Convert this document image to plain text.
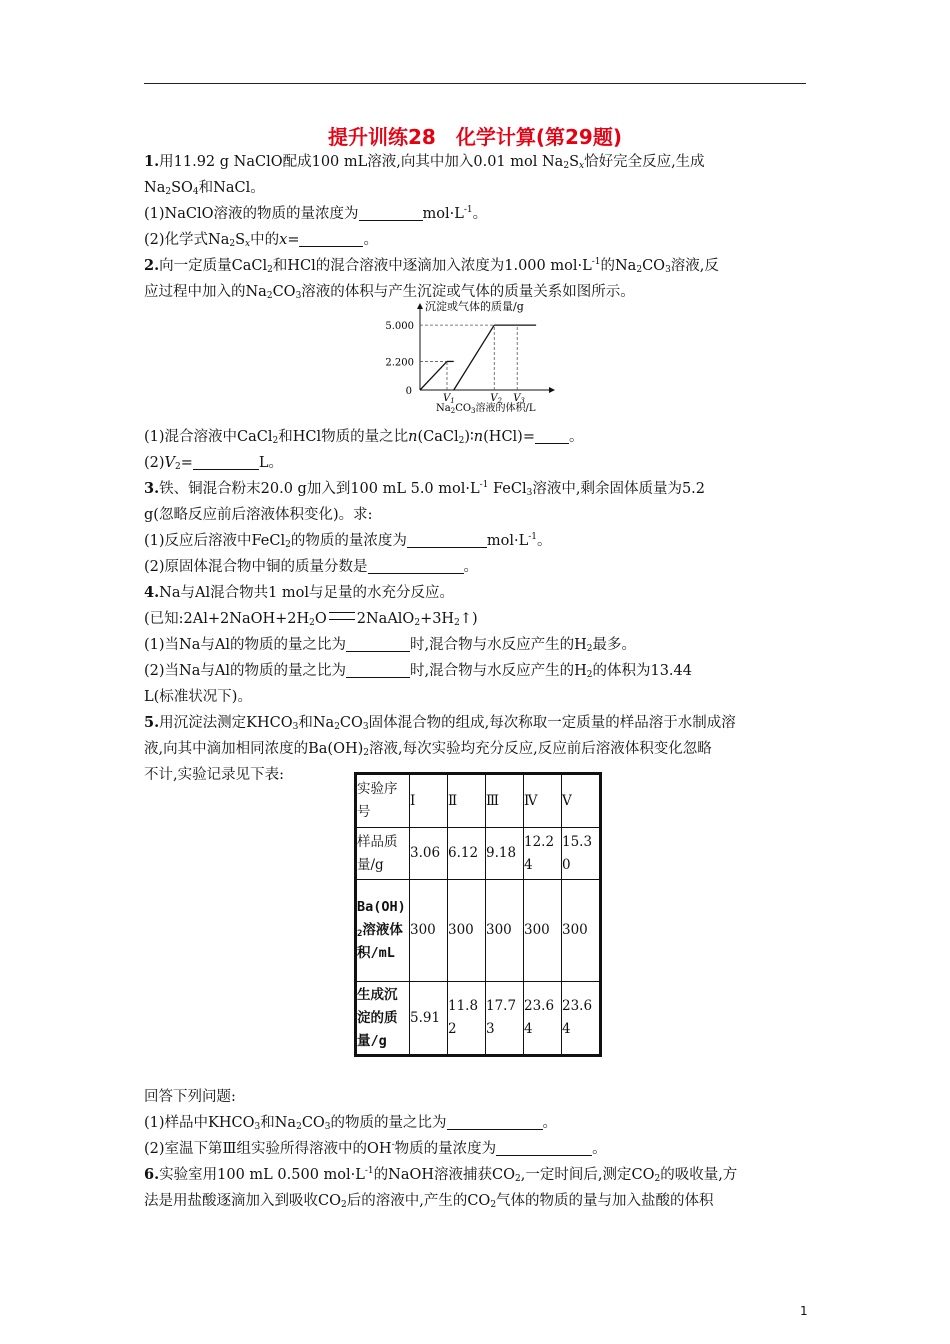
提升训练28　化学计算(第29题)
1.用11.92 g NaClO配成100 mL溶液,向其中加入0.01 mol $Na_2S_x$恰好完全反应,生成
$Na_2SO_4$和NaCl。
(1)NaClO溶液的物质的量浓度为	$mol\cdot L^{-1}$。
(2)化学式$Na_2S_x$中的x=	。
2.向一定质量CaCl$_2$和HCl的混合溶液中逐滴加入浓度为1.000 $mol\cdot L^{-1}$的$Na_2CO_3$溶液,反
应过程中加入的$Na_2CO_3$溶液的体积与产生沉淀或气体的质量关系如图所示。
沉淀或气体的质量/g
0
5.000
2.200
$V_1$	$V_2$ $V_3$
$Na_2CO_3$溶液的体积/L
(1)混合溶液中CaCl$_2$和HCl物质的量之比n(CaCl$_2$)∶n(HCl)= 。
$(2)V_2=$	L。
3.铁、铜混合粉末20.0 g加入到100 mL 5.0 $mol\cdot L^{-1}$ FeCl$_3$溶液中,剩余固体质量为5.2
g(忽略反应前后溶液体积变化)。求:
(1)反应后溶液中FeCl$_2$的物质的量浓度为	$mol\cdot L^{-1}$。
(2)原固体混合物中铜的质量分数是	。
4.Na与Al混合物共1 mol与足量的水充分反应。
(已知$:2Al+2NaOH+2H_2O$ $2NaAlO_2+3H_2↑$)
(1)当Na与Al的物质的量之比为	时,混合物与水反应产生的$H_2$最多。
(2)当Na与Al的物质的量之比为	时,混合物与水反应产生的$H_2$的体积为13.44
L(标准状况下)。
5.用沉淀法测定$KHCO_3$和$Na_2CO_3$固体混合物的组成,每次称取一定质量的样品溶于水制成溶
液,向其中滴加相同浓度的$Ba(OH)_2$溶液,每次实验均充分反应,反应前后溶液体积变化忽略
不计,实验记录见下表:
实验序号	Ⅰ	Ⅱ	Ⅲ	Ⅳ	Ⅴ
样品质量/g	3.06	6.12	9.18	12.24	15.30
$Ba(OH)_2$溶液体积/mL	300	300	300	300	300
生成沉淀的质量/g	5.91	11.82	17.73	23.64	23.64
回答下列问题:
(1)样品中$KHCO_3$和$Na_2CO_3$的物质的量之比为	。
(2)室温下第Ⅲ组实验所得溶液中的OH-物质的量浓度为	。
6.实验室用100 mL 0.500 $mol\cdot L^{-1}$的NaOH溶液捕获$CO_2$,一定时间后,测定$CO_2$的吸收量,方
法是用盐酸逐滴加入到吸收$CO_2$后的溶液中,产生的$CO_2$气体的物质的量与加入盐酸的体积
1
